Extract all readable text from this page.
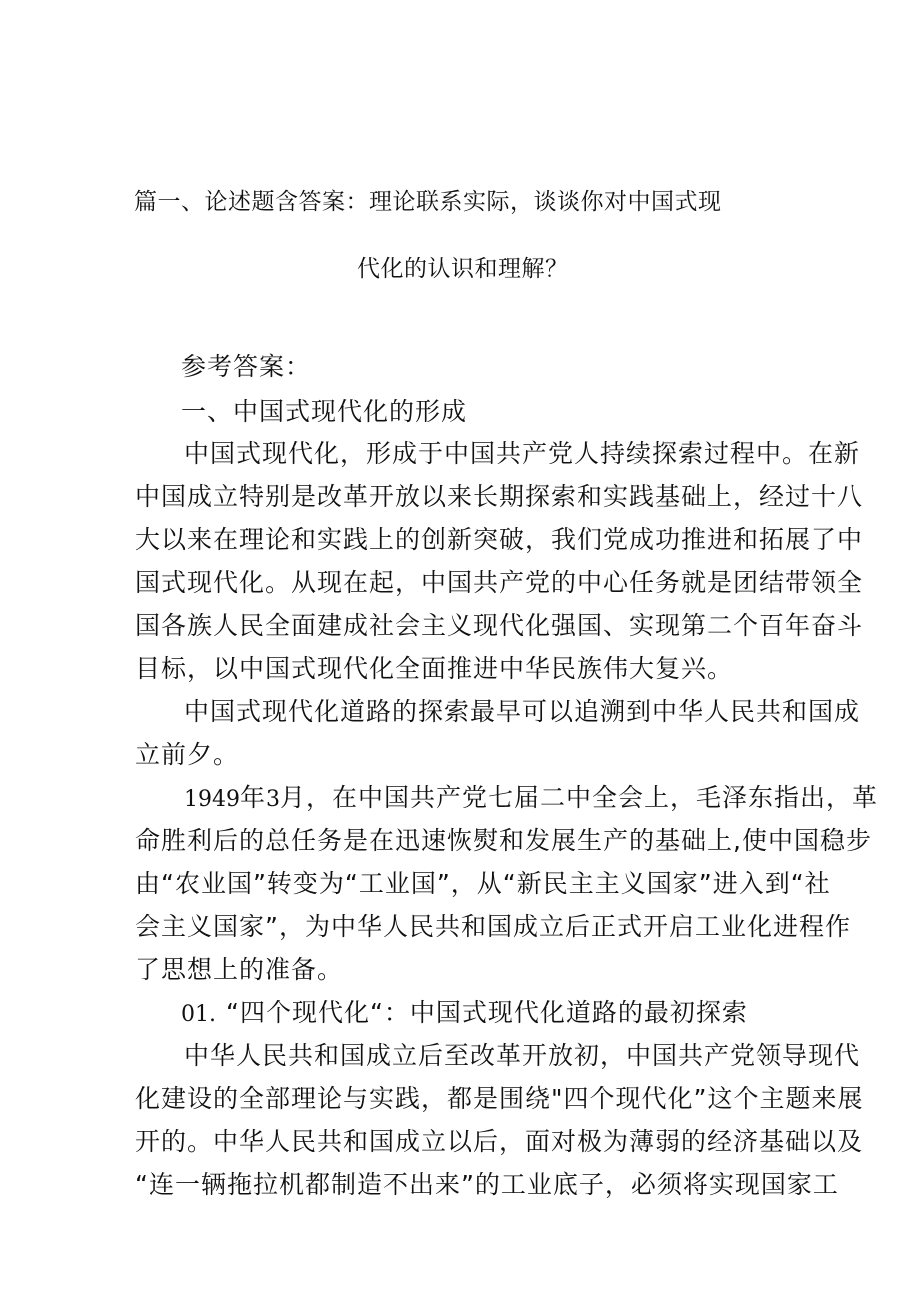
篇一、论述题含答案：理论联系实际，谈谈你对中国式现
代化的认识和理解？
参考答案：
一、中国式现代化的形成
中国式现代化，形成于中国共产党人持续探索过程中。在新
中国成立特别是改革开放以来长期探索和实践基础上，经过十八
大以来在理论和实践上的创新突破，我们党成功推进和拓展了中
国式现代化。从现在起，中国共产党的中心任务就是团结带领全
国各族人民全面建成社会主义现代化强国、实现第二个百年奋斗
目标，以中国式现代化全面推进中华民族伟大复兴。
中国式现代化道路的探索最早可以追溯到中华人民共和国成
立前夕。
1949年3月，在中国共产党七届二中全会上，毛泽东指出，革
命胜利后的总任务是在迅速恢熨和发展生产的基础上,使中国稳步
由“农业国”转变为“工业国”，从“新民主主义国家”进入到“社
会主义国家”，为中华人民共和国成立后正式开启工业化进程作
了思想上的准备。
01. “四个现代化“：中国式现代化道路的最初探索
中华人民共和国成立后至改革开放初，中国共产党领导现代
化建设的全部理论与实践，都是围绕"四个现代化”这个主题来展
开的。中华人民共和国成立以后，面对极为薄弱的经济基础以及
“连一辆拖拉机都制造不出来”的工业底子，必须将实现国家工
